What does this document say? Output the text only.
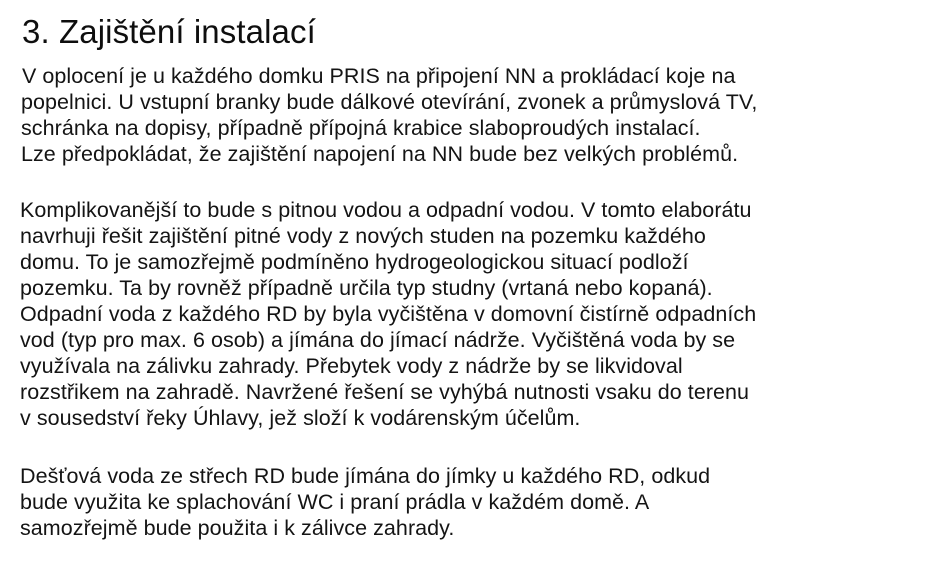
3. Zajištění instalací
V oplocení je u každého domku PRIS na připojení NN a prokládací koje na
popelnici. U vstupní branky bude dálkové otevírání, zvonek a průmyslová TV,
schránka na dopisy, případně přípojná krabice slaboproudých instalací.
Lze předpokládat, že zajištění napojení na NN bude bez velkých problémů.
Komplikovanější to bude s pitnou vodou a odpadní vodou. V tomto elaborátu
navrhuji řešit zajištění pitné vody z nových studen na pozemku každého
domu. To je samozřejmě podmíněno hydrogeologickou situací podloží
pozemku. Ta by rovněž případně určila typ studny (vrtaná nebo kopaná).
Odpadní voda z každého RD by byla vyčištěna v domovní čistírně odpadních
vod (typ pro max. 6 osob) a jímána do jímací nádrže. Vyčištěná voda by se
využívala na zálivku zahrady. Přebytek vody z nádrže by se likvidoval
rozstřikem na zahradě. Navržené řešení se vyhýbá nutnosti vsaku do terenu
v sousedství řeky Úhlavy, jež složí k vodárenským účelům.
Dešťová voda ze střech RD bude jímána do jímky u každého RD, odkud
bude využita ke splachování WC i praní prádla v každém domě. A
samozřejmě bude použita i k zálivce zahrady.
